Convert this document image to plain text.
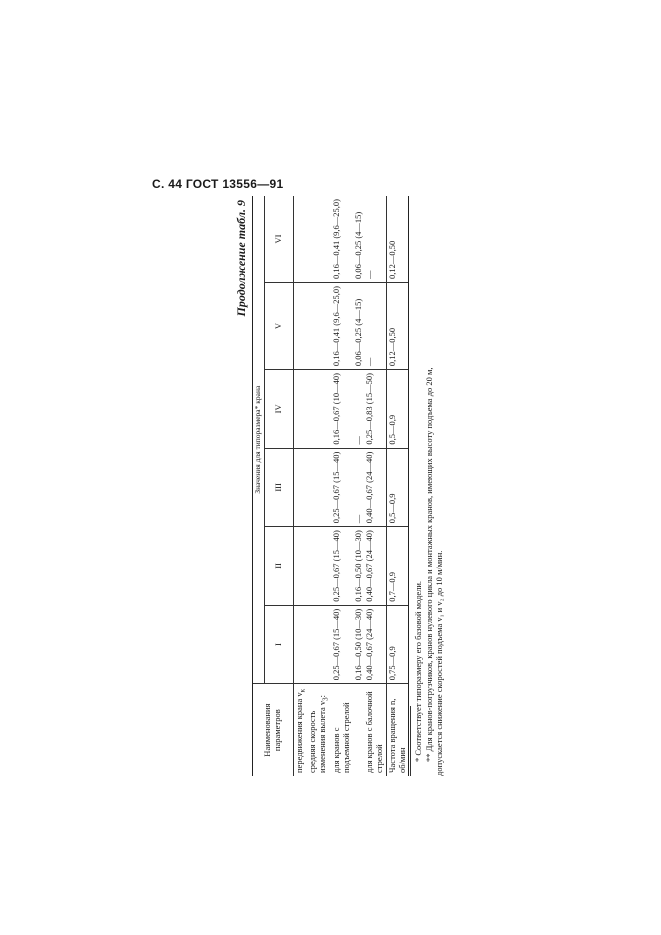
С. 44 ГОСТ 13556—91
Продолжение табл. 9
Наименования параметров	Значения для типоразмера* крана					
	I	II	III	IV	V	VI
передвижения крана $v_к$						
средняя скорость изменения вылета $v_3$:						
для кранов с подъемной стрелой	0,25—0,67 (15—40)	0,25—0,67 (15—40)	0,25—0,67 (15—40)	0,16—0,67 (10—40)	0,16—0,41 (9,6—25,0)	0,16—0,41 (9,6—25,0)
	0,16—0,50 (10—30)	0,16—0,50 (10—30)	—	—	0,06—0,25 (4—15)	0,06—0,25 (4—15)
для кранов с балочной стрелой	0,40—0,67 (24—40)	0,40—0,67 (24—40)	0,40—0,67 (24—40)	0,25—0,83 (15—50)	—	—
Частота вращения n, об/мин	0,75—0,9	0,7—0,9	0,5—0,9	0,5—0,9	0,12—0,50	0,12—0,50
* Соответствует типоразмеру его базовой модели. ** Для кранов-погрузчиков, кранов нулевого цикла и монтажных кранов, имеющих высоту подъема до 20 м, допускается снижение скоростей подъема v₁ и v₂ до 10 м/мин.
